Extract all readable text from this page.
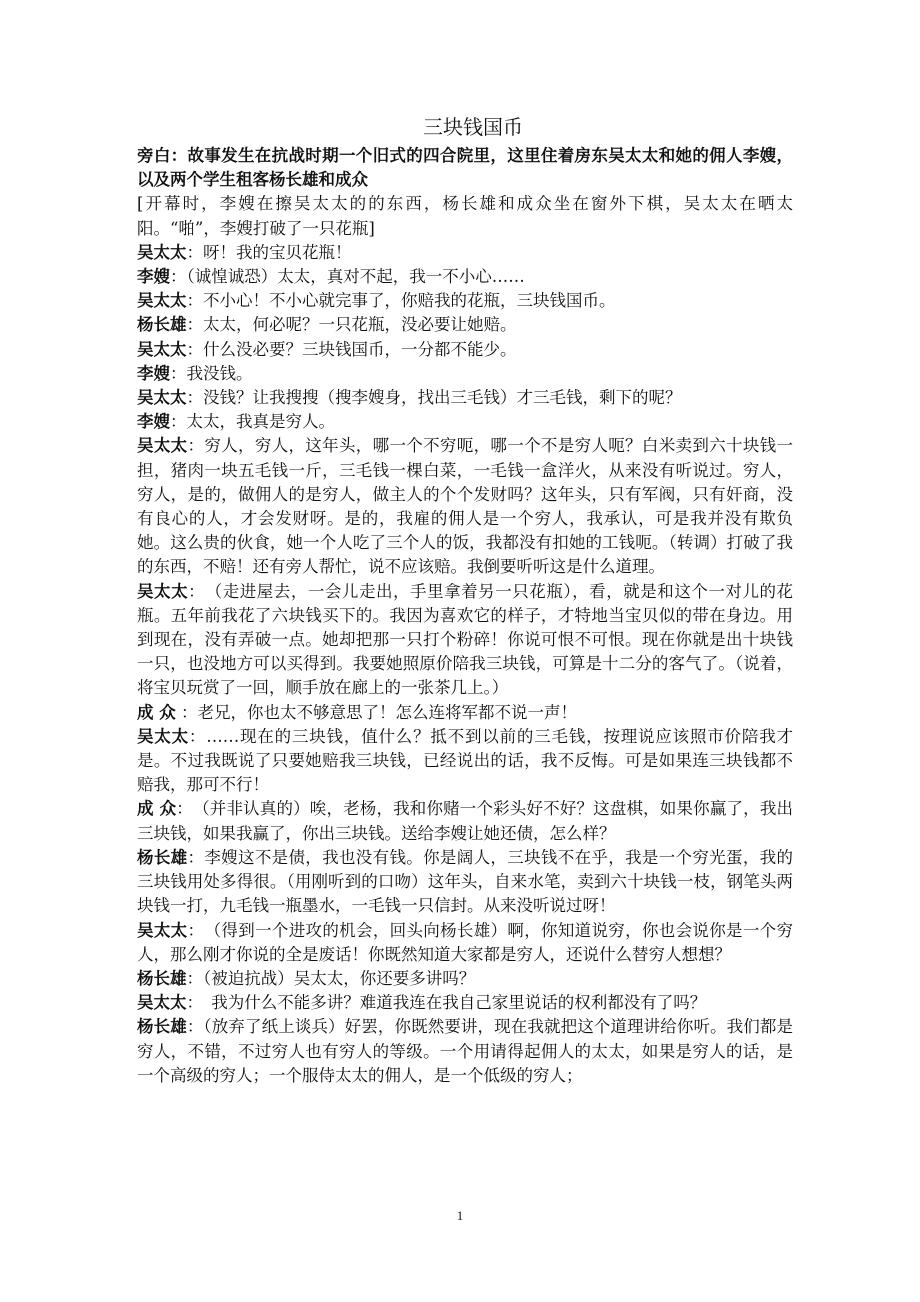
三块钱国币

旁白：故事发生在抗战时期一个旧式的四合院里，这里住着房东吴太太和她的佣人李嫂，以及两个学生租客杨长雄和成众

[开幕时，李嫂在擦吴太太的的东西，杨长雄和成众坐在窗外下棋，吴太太在晒太阳。“啪”，李嫂打破了一只花瓶]

吴太太：呀！我的宝贝花瓶！

李嫂：（诚惶诚恐）太太，真对不起，我一不小心……

吴太太：不小心！不小心就完事了，你赔我的花瓶，三块钱国币。

杨长雄：太太，何必呢？一只花瓶，没必要让她赔。

吴太太：什么没必要？三块钱国币，一分都不能少。

李嫂：我没钱。

吴太太：没钱？让我搜搜（搜李嫂身，找出三毛钱）才三毛钱，剩下的呢？

李嫂：太太，我真是穷人。

吴太太：穷人，穷人，这年头，哪一个不穷呃，哪一个不是穷人呃？白米卖到六十块钱一担，猪肉一块五毛钱一斤，三毛钱一棵白菜，一毛钱一盒洋火，从来没有听说过。穷人，穷人，是的，做佣人的是穷人，做主人的个个发财吗？这年头，只有军阀，只有奸商，没有良心的人，才会发财呀。是的，我雇的佣人是一个穷人，我承认，可是我并没有欺负她。这么贵的伙食，她一个人吃了三个人的饭，我都没有扣她的工钱呃。（转调）打破了我的东西，不赔！还有旁人帮忙，说不应该赔。我倒要听听这是什么道理。

吴太太：　（走进屋去，一会儿走出，手里拿着另一只花瓶），看，就是和这个一对儿的花瓶。五年前我花了六块钱买下的。我因为喜欢它的样子，才特地当宝贝似的带在身边。用到现在，没有弄破一点。她却把那一只打个粉碎！你说可恨不可恨。现在你就是出十块钱一只，也没地方可以买得到。我要她照原价陪我三块钱，可算是十二分的客气了。（说着，将宝贝玩赏了一回，顺手放在廊上的一张茶几上。）

成 众 ：老兄，你也太不够意思了！怎么连将军都不说一声！

吴太太：……现在的三块钱，值什么？抵不到以前的三毛钱，按理说应该照市价陪我才是。不过我既说了只要她赔我三块钱，已经说出的话，我不反悔。可是如果连三块钱都不赔我，那可不行！

成 众：　（并非认真的）唉，老杨，我和你赌一个彩头好不好？这盘棋，如果你赢了，我出三块钱，如果我赢了，你出三块钱。送给李嫂让她还债，怎么样？

杨长雄：李嫂这不是债，我也没有钱。你是阔人，三块钱不在乎，我是一个穷光蛋，我的三块钱用处多得很。（用刚听到的口吻）这年头，自来水笔，卖到六十块钱一枝，钢笔头两块钱一打，九毛钱一瓶墨水，一毛钱一只信封。从来没听说过呀！

吴太太：　（得到一个进攻的机会，回头向杨长雄）啊，你知道说穷，你也会说你是一个穷人，那么刚才你说的全是废话！你既然知道大家都是穷人，还说什么替穷人想想？

杨长雄：（被迫抗战）吴太太，你还要多讲吗？

吴太太：　我为什么不能多讲？难道我连在我自己家里说话的权利都没有了吗？

杨长雄：（放弃了纸上谈兵）好罢，你既然要讲，现在我就把这个道理讲给你听。我们都是穷人，不错，不过穷人也有穷人的等级。一个用请得起佣人的太太，如果是穷人的话，是一个高级的穷人；一个服侍太太的佣人，是一个低级的穷人；

1
